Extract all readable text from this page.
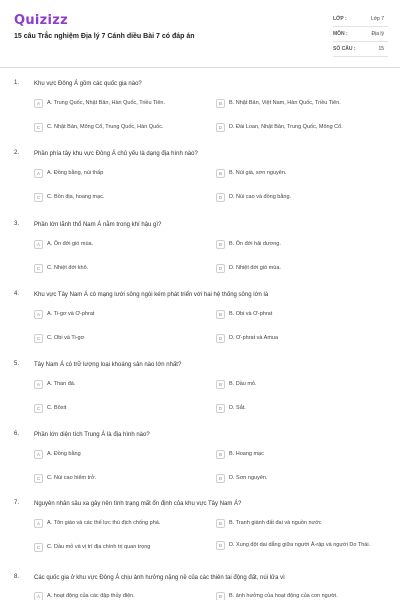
Quizizz
15 câu Trắc nghiệm Địa lý 7 Cánh diều Bài 7 có đáp án
LỚP :	Lớp 7
MÔN :	Địa lý
SỐ CÂU :	15
1. Khu vực Đông Á gồm các quốc gia nào?
A	A. Trung Quốc, Nhật Bản, Hàn Quốc, Triều Tiên.	B	B. Nhật Bản, Việt Nam, Hàn Quốc, Triều Tiên.
C	C. Nhật Bản, Mông Cổ, Trung Quốc, Hàn Quốc.	D	D. Đài Loan, Nhật Bản, Trung Quốc, Mông Cổ.
2. Phần phía tây khu vực Đông Á chủ yếu là dạng địa hình nào?
A	A. Đồng bằng, núi thấp	B	B. Núi già, sơn nguyên.
C	C. Bồn địa, hoang mạc.	D	D. Núi cao và đồng bằng.
3. Phần lớn lãnh thổ Nam Á nằm trong khí hậu gì?
A	A. Ôn đới gió mùa.	B	B. Ôn đới hải dương.
C	C. Nhiệt đới khô.	D	D. Nhiệt đới gió mùa.
4. Khu vực Tây Nam Á có mạng lưới sông ngòi kém phát triển với hai hệ thống sông lớn là
A	A. Ti-gơ và Ơ-phrat	B	B. Obi và Ơ-phrat
C	C. Obi và Ti-gơ	D	D. Ơ-phrat và Amua
5. Tây Nam Á có trữ lượng loại khoáng sản nào lớn nhất?
A	A. Than đá.	B	B. Dầu mỏ.
C	C. Bôxit	D	D. Sắt.
6. Phần lớn diện tích Trung Á là địa hình nào?
A	A. Đồng bằng	B	B. Hoang mạc
C	C. Núi cao hiểm trở.	D	D. Sơn nguyên.
7. Nguyên nhân sâu xa gây nên tình trạng mất ổn định của khu vực Tây Nam Á?
A	A. Tôn giáo và các thế lực thù địch chống phá.	B	B. Tranh giành đất đai và nguồn nước
C	C. Dầu mỏ và vị trí địa chính trị quan trọng	D	D. Xung đột dai dẳng giữa người Ả-rập và người Do Thái.
8. Các quốc gia ở khu vực Đông Á chịu ảnh hưởng nặng nề của các thiên tai động đất, núi lửa vì
A	A. hoạt động của các đập thủy điện.	B	B. ảnh hưởng của hoạt động của con người.
